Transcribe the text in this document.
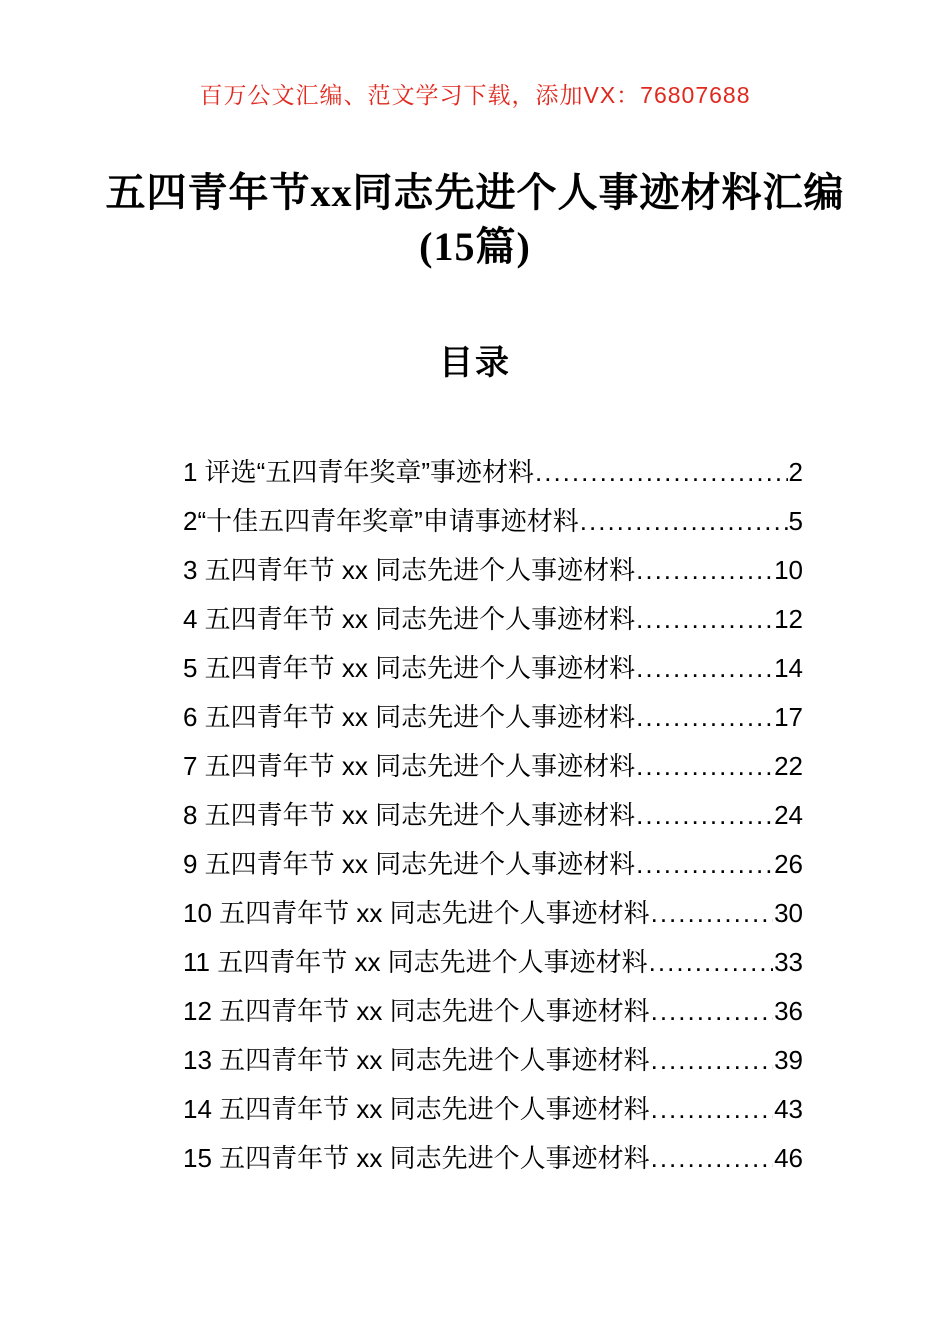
百万公文汇编、范文学习下载，添加VX：76807688
五四青年节xx同志先进个人事迹材料汇编
(15篇)
目录
1 评选“五四青年奖章”事迹材料 .....	2
2“十佳五四青年奖章”申请事迹材料 .....	5
3 五四青年节 xx 同志先进个人事迹材料 .....	10
4 五四青年节 xx 同志先进个人事迹材料 .....	12
5 五四青年节 xx 同志先进个人事迹材料 .....	14
6 五四青年节 xx 同志先进个人事迹材料 .....	17
7 五四青年节 xx 同志先进个人事迹材料 .....	22
8 五四青年节 xx 同志先进个人事迹材料 .....	24
9 五四青年节 xx 同志先进个人事迹材料 .....	26
10 五四青年节 xx 同志先进个人事迹材料 .....	30
11 五四青年节 xx 同志先进个人事迹材料 .....	33
12 五四青年节 xx 同志先进个人事迹材料 .....	36
13 五四青年节 xx 同志先进个人事迹材料 .....	39
14 五四青年节 xx 同志先进个人事迹材料 .....	43
15 五四青年节 xx 同志先进个人事迹材料 .....	46
